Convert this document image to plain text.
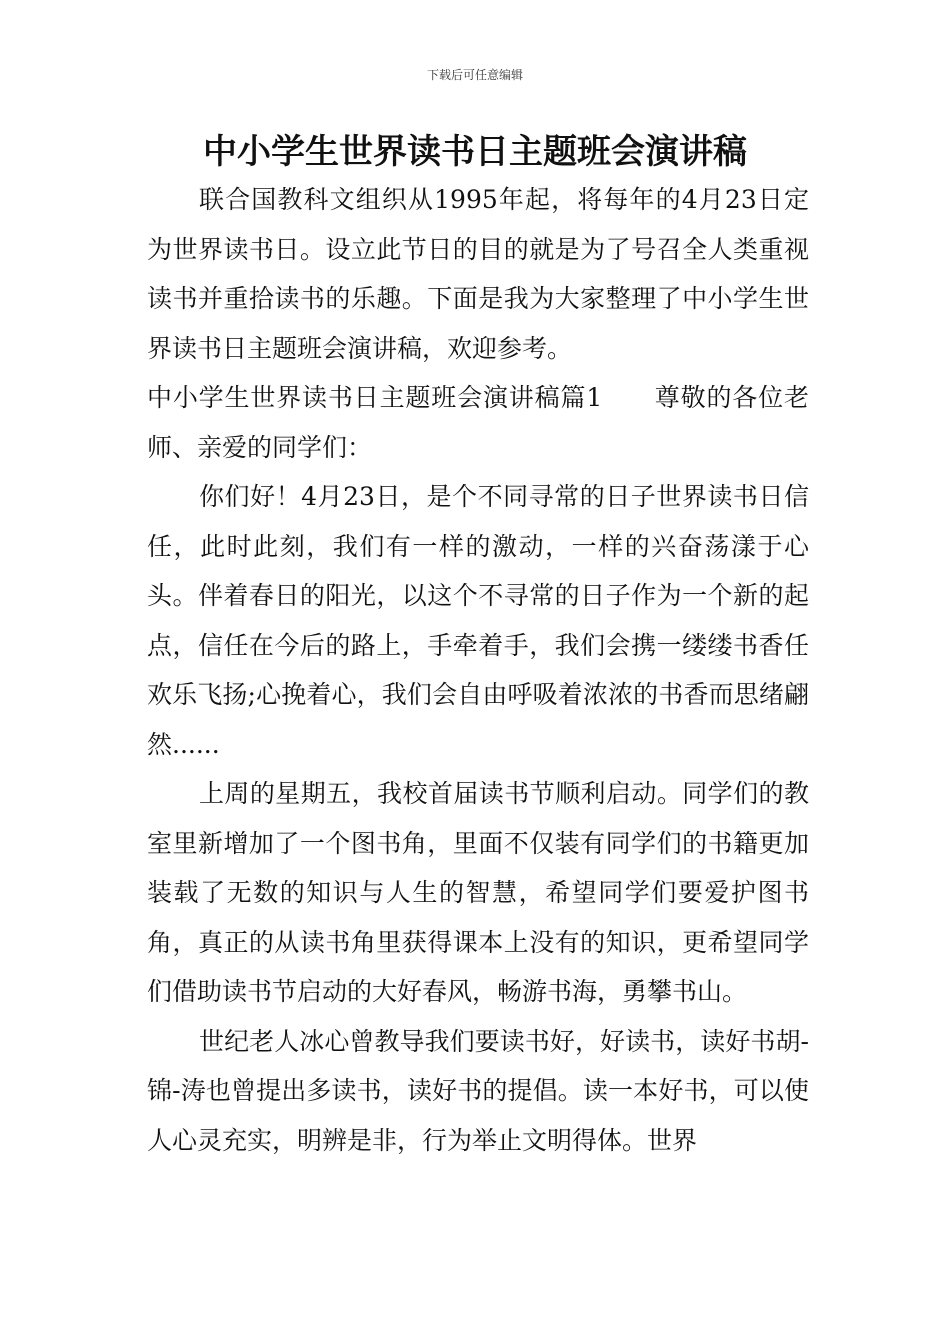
下载后可任意编辑
中小学生世界读书日主题班会演讲稿

联合国教科文组织从1995年起，将每年的4月23日定为世界读书日。设立此节日的目的就是为了号召全人类重视读书并重拾读书的乐趣。下面是我为大家整理了中小学生世界读书日主题班会演讲稿，欢迎参考。

中小学生世界读书日主题班会演讲稿篇1　　尊敬的各位老师、亲爱的同学们：

你们好！4月23日，是个不同寻常的日子世界读书日信任，此时此刻，我们有一样的激动，一样的兴奋荡漾于心头。伴着春日的阳光，以这个不寻常的日子作为一个新的起点，信任在今后的路上，手牵着手，我们会携一缕缕书香任欢乐飞扬;心挽着心，我们会自由呼吸着浓浓的书香而思绪翩然......

上周的星期五，我校首届读书节顺利启动。同学们的教室里新增加了一个图书角，里面不仅装有同学们的书籍更加装载了无数的知识与人生的智慧，希望同学们要爱护图书角，真正的从读书角里获得课本上没有的知识，更希望同学们借助读书节启动的大好春风，畅游书海，勇攀书山。

世纪老人冰心曾教导我们要读书好，好读书，读好书胡-锦-涛也曾提出多读书，读好书的提倡。读一本好书，可以使人心灵充实，明辨是非，行为举止文明得体。世界
